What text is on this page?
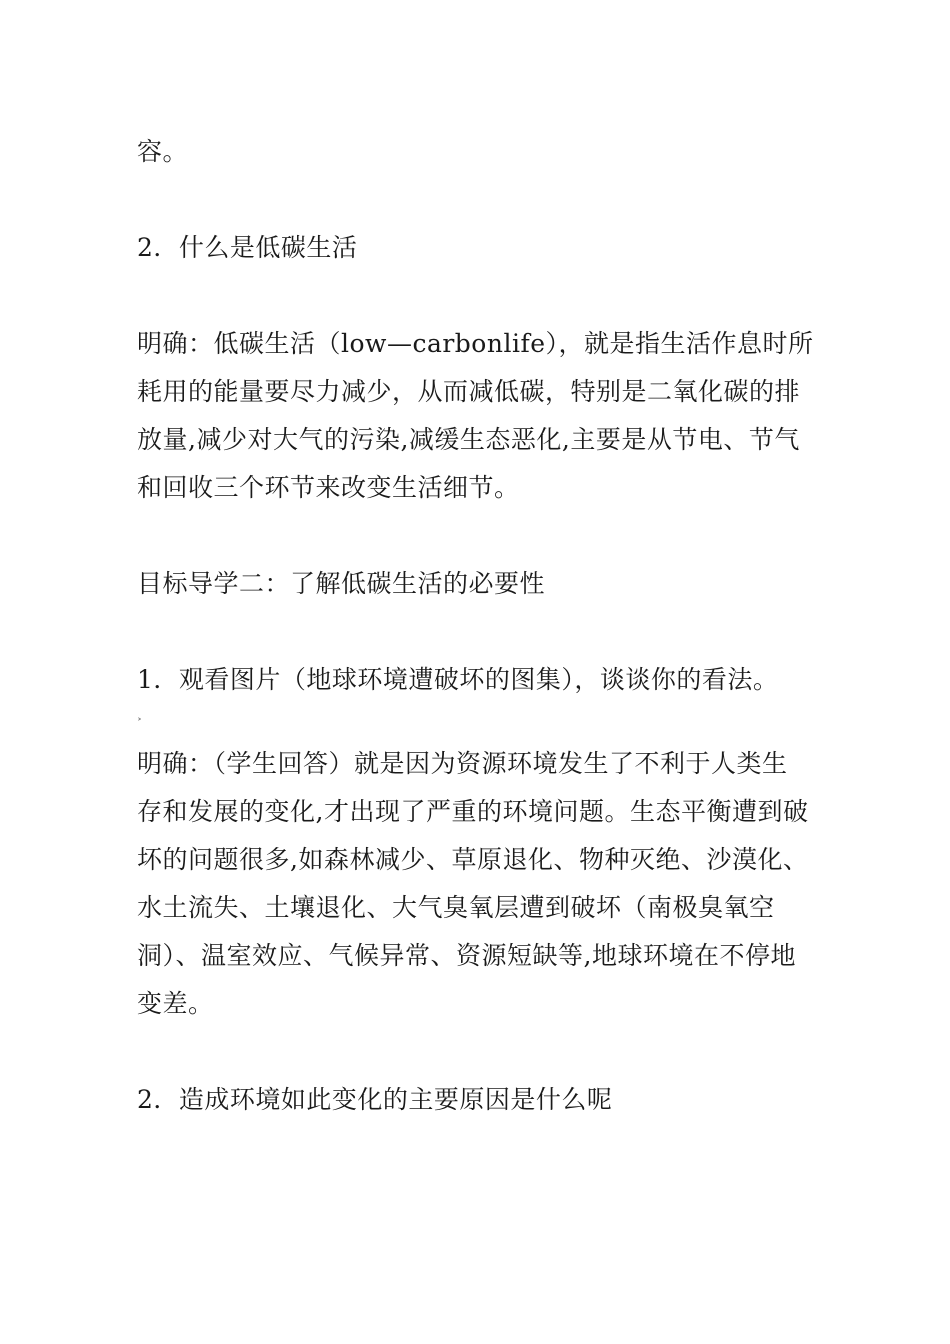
容。
2．什么是低碳生活
明确：低碳生活（low—carbonlife），就是指生活作息时所
耗用的能量要尽力减少，从而减低碳，特别是二氧化碳的排
放量,减少对大气的污染,减缓生态恶化,主要是从节电、节气
和回收三个环节来改变生活细节。
目标导学二：了解低碳生活的必要性
1．观看图片（地球环境遭破坏的图集），谈谈你的看法。
˃
明确：（学生回答）就是因为资源环境发生了不利于人类生
存和发展的变化,才出现了严重的环境问题。生态平衡遭到破
坏的问题很多,如森林减少、草原退化、物种灭绝、沙漠化、
水土流失、土壤退化、大气臭氧层遭到破坏（南极臭氧空
洞）、温室效应、气候异常、资源短缺等,地球环境在不停地
变差。
2．造成环境如此变化的主要原因是什么呢
